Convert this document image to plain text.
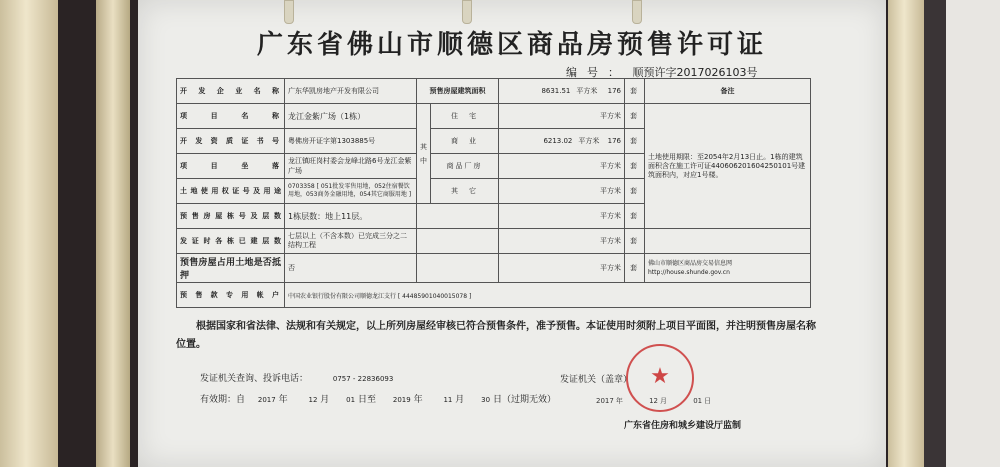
广东省佛山市顺德区商品房预售许可证
编号： 顺预许字2017026103号
开发企业名称	广东华凯房地产开发有限公司	预售房屋建筑面积		8631.51 平方米 176	套	备注
项目名称	龙江金紫广场（1栋）	其中	住　宅	平方米	套	土地使用期限：至2054年2月13日止。1栋的建筑面积含在施工许可证440606201604250101号建筑面积内，对应1号楼。
开发资质证书号	粤佛房开证字第1303885号		商　业	6213.02 平方米 176	套	
项目坐落	龙江镇旺岗村委会龙峰北路6号龙江金紫广场		商品厂房	平方米	套	
土地使用权证号及用途	0703358 [ 051批发零售用地，052住宿餐饮用地，053商务金融用地，054其它商服用地 ]		其　它	平方米	套	
预售房屋栋号及层数	1栋层数：地上11层。			平方米	套	
发证时各栋已建层数	七层以上（不含本数）已完成三分之二结构工程			平方米	套	
预售房屋占用土地是否抵押	否			平方米	套	佛山市顺德区商品房交易信息网 http://house.shunde.gov.cn
预售款专用帐户	中国农业银行股份有限公司顺德龙江支行 [ 44485901040015078 ]					
根据国家和省法律、法规和有关规定，以上所列房屋经审核已符合预售条件，准予预售。本证使用时须附上项目平面图，并注明预售房屋名称位置。
发证机关查询、投诉电话：	0757 - 22836093
有效期：自 2017 年	12 月 01 日至 2019 年	11 月 30 日（过期无效）
★
发证机关（盖章）
2017 年	12 月	01 日
广东省住房和城乡建设厅监制
